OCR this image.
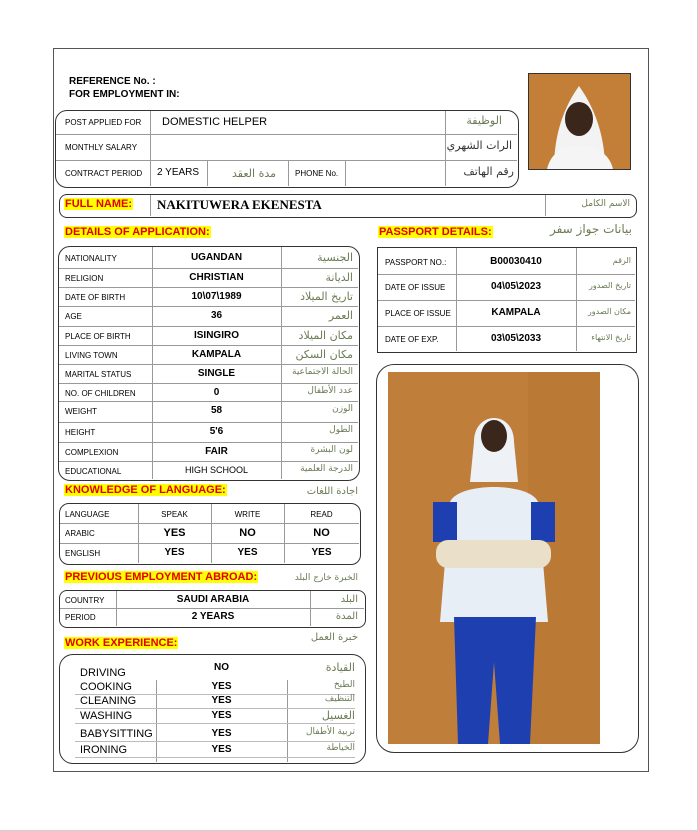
REFERENCE No. :
FOR EMPLOYMENT IN:
POST APPLIED FOR DOMESTIC HELPER	الوظيفة
MONTHLY SALARY	الرات الشهري
CONTRACT PERIOD 2 YEARS	مدة العقد PHONE No.	رقم الهاتف
FULL NAME: NAKITUWERA EKENESTA	الاسم الكامل
DETAILS OF APPLICATION:
NATIONALITY	UGANDAN	الجنسية
RELIGION	CHRISTIAN	الديانة
DATE OF BIRTH	10\07\1989	تاريخ الميلاد
AGE	36	العمر
PLACE OF BIRTH	ISINGIRO	مكان الميلاد
LIVING TOWN	KAMPALA	مكان السكن
MARITAL STATUS	SINGLE	الحالة الاجتماعية
NO. OF CHILDREN	0	عدد الأطفال
WEIGHT	58	الوزن
HEIGHT	5'6	الطول
COMPLEXION	FAIR	لون البشرة
EDUCATIONAL	HIGH SCHOOL	الدرجة العلمية
PASSPORT DETAILS:	بيانات جواز سفر
PASSPORT NO.:	B00030410	الرقم
DATE OF ISSUE	04\05\2023	تاريخ الصدور
PLACE OF ISSUE	KAMPALA	مكان الصدور
DATE OF EXP.	03\05\2033	تاريخ الانتهاء
KNOWLEDGE OF LANGUAGE:	اجادة اللغات
LANGUAGE	SPEAK	WRITE	READ
ARABIC	YES	NO	NO
ENGLISH	YES	YES	YES
PREVIOUS EMPLOYMENT ABROAD:	الخبرة خارج البلد
COUNTRY	SAUDI ARABIA	البلد
PERIOD	2 YEARS	المدة
WORK EXPERIENCE:	خبرة العمل
DRIVING	NO	القيادة
COOKING	YES	الطبخ
CLEANING	YES	التنظيف
WASHING	YES	الغسيل
BABYSITTING	YES	تربية الأطفال
IRONING	YES	الخياطة
